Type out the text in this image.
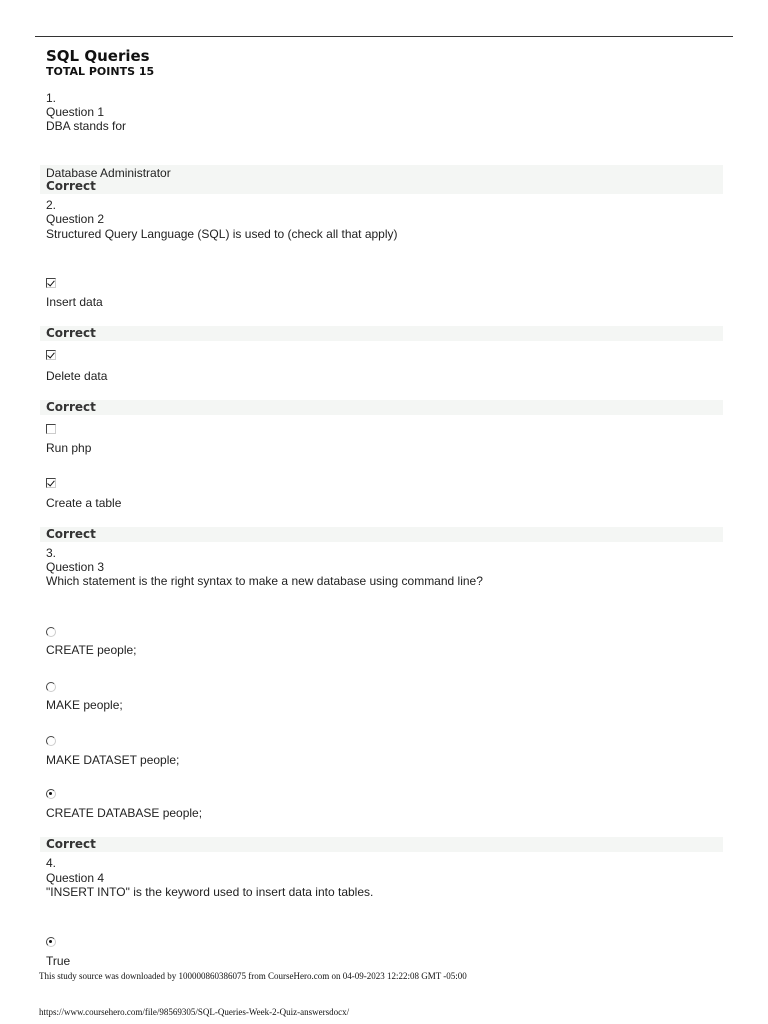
SQL Queries
TOTAL POINTS 15
1.
Question 1
DBA stands for
Database Administrator
Correct
2.
Question 2
Structured Query Language (SQL) is used to (check all that apply)
Insert data
Correct
Delete data
Correct
Run php
Create a table
Correct
3.
Question 3
Which statement is the right syntax to make a new database using command line?
CREATE people;
MAKE people;
MAKE DATASET people;
CREATE DATABASE people;
Correct
4.
Question 4
"INSERT INTO" is the keyword used to insert data into tables.
True
This study source was downloaded by 100000860386075 from CourseHero.com on 04-09-2023 12:22:08 GMT -05:00
https://www.coursehero.com/file/98569305/SQL-Queries-Week-2-Quiz-answersdocx/
